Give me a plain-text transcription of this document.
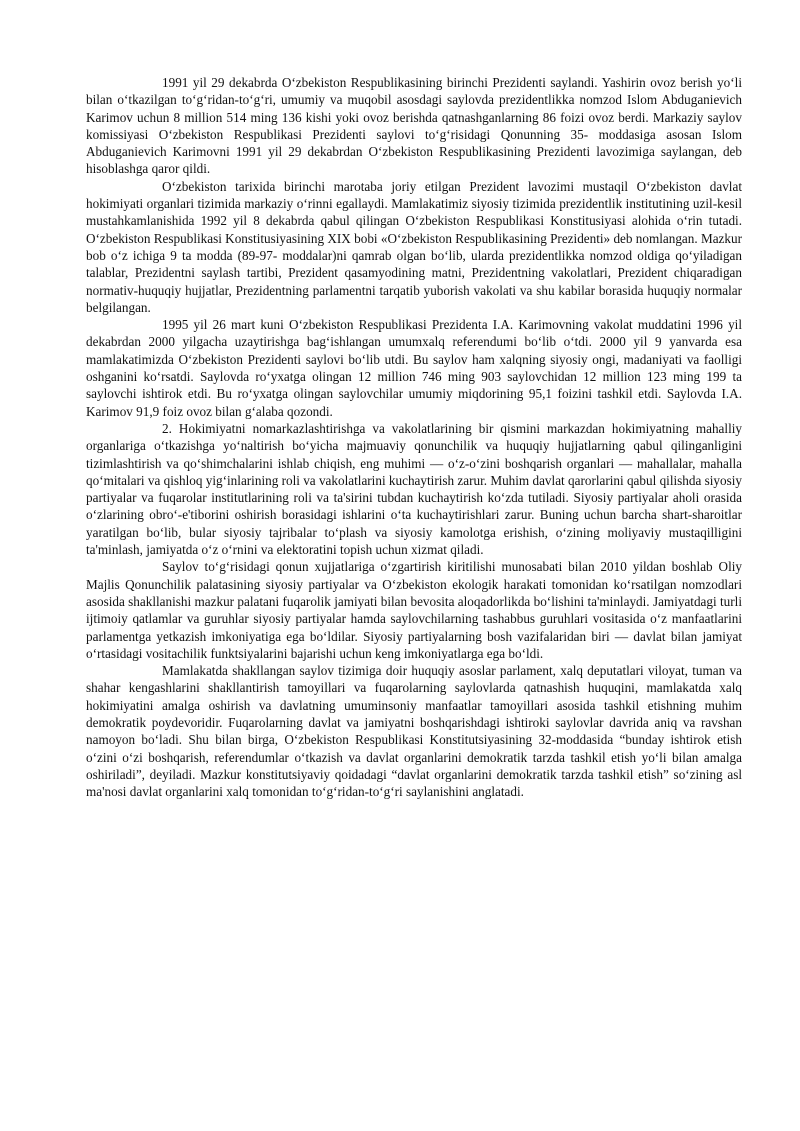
1991 yil 29 dekabrda O‘zbekiston Respublikasining birinchi Prezidenti saylandi. Yashirin ovoz berish yo‘li bilan o‘tkazilgan to‘g‘ridan-to‘g‘ri, umumiy va muqobil asosdagi saylovda prezidentlikka nomzod Islom Abduganievich Karimov uchun 8 million 514 ming 136 kishi yoki ovoz berishda qatnashganlarning 86 foizi ovoz berdi. Markaziy saylov komissiyasi O‘zbekiston Respublikasi Prezidenti saylovi to‘g‘risidagi Qonunning 35- moddasiga asosan Islom Abduganievich Karimovni 1991 yil 29 dekabrdan O‘zbekiston Respublikasining Prezidenti lavozimiga saylangan, deb hisoblashga qaror qildi.

O‘zbekiston tarixida birinchi marotaba joriy etilgan Prezident lavozimi mustaqil O‘zbekiston davlat hokimiyati organlari tizimida markaziy o‘rinni egallaydi. Mamlakatimiz siyosiy tizimida prezidentlik institutining uzil-kesil mustahkamlanishida 1992 yil 8 dekabrda qabul qilingan O‘zbekiston Respublikasi Konstitusiyasi alohida o‘rin tutadi. O‘zbekiston Respublikasi Konstitusiyasining XIX bobi «O‘zbekiston Respublikasining Prezidenti» deb nomlangan. Mazkur bob o‘z ichiga 9 ta modda (89-97- moddalar)ni qamrab olgan bo‘lib, ularda prezidentlikka nomzod oldiga qo‘yiladigan talablar, Prezidentni saylash tartibi, Prezident qasamyodining matni, Prezidentning vakolatlari, Prezident chiqaradigan normativ-huquqiy hujjatlar, Prezidentning parlamentni tarqatib yuborish vakolati va shu kabilar borasida huquqiy normalar belgilangan.

1995 yil 26 mart kuni O‘zbekiston Respublikasi Prezidenta I.A. Karimovning vakolat muddatini 1996 yil dekabrdan 2000 yilgacha uzaytirishga bag‘ishlangan umumxalq referendumi bo‘lib o‘tdi. 2000 yil 9 yanvarda esa mamlakatimizda O‘zbekiston Prezidenti saylovi bo‘lib utdi. Bu saylov ham xalqning siyosiy ongi, madaniyati va faolligi oshganini ko‘rsatdi. Saylovda ro‘yxatga olingan 12 million 746 ming 903 saylovchidan 12 million 123 ming 199 ta saylovchi ishtirok etdi. Bu ro‘yxatga olingan saylovchilar umumiy miqdorining 95,1 foizini tashkil etdi. Saylovda I.A. Karimov 91,9 foiz ovoz bilan g‘alaba qozondi.

2. Hokimiyatni nomarkazlashtirishga va vakolatlarining bir qismini markazdan hokimiyatning mahalliy organlariga o‘tkazishga yo‘naltirish bo‘yicha majmuaviy qonunchilik va huquqiy hujjatlarning qabul qilinganligini tizimlashtirish va qo‘shimchalarini ishlab chiqish, eng muhimi — o‘z-o‘zini boshqarish organlari — mahallalar, mahalla qo‘mitalari va qishloq yig‘inlarining roli va vakolatlarini kuchaytirish zarur. Muhim davlat qarorlarini qabul qilishda siyosiy partiyalar va fuqarolar institutlarining roli va ta'sirini tubdan kuchaytirish ko‘zda tutiladi. Siyosiy partiyalar aholi orasida o‘zlarining obro‘-e'tiborini oshirish borasidagi ishlarini o‘ta kuchaytirishlari zarur. Buning uchun barcha shart-sharoitlar yaratilgan bo‘lib, bular siyosiy tajribalar to‘plash va siyosiy kamolotga erishish, o‘zining moliyaviy mustaqilligini ta'minlash, jamiyatda o‘z o‘rnini va elektoratini topish uchun xizmat qiladi.

Saylov to‘g‘risidagi qonun xujjatlariga o‘zgartirish kiritilishi munosabati bilan 2010 yildan boshlab Oliy Majlis Qonunchilik palatasining siyosiy partiyalar va O‘zbekiston ekologik harakati tomonidan ko‘rsatilgan nomzodlari asosida shakllanishi mazkur palatani fuqarolik jamiyati bilan bevosita aloqadorlikda bo‘lishini ta'minlaydi. Jamiyatdagi turli ijtimoiy qatlamlar va guruhlar siyosiy partiyalar hamda saylovchilarning tashabbus guruhlari vositasida o‘z manfaatlarini parlamentga yetkazish imkoniyatiga ega bo‘ldilar. Siyosiy partiyalarning bosh vazifalaridan biri — davlat bilan jamiyat o‘rtasidagi vositachilik funktsiyalarini bajarishi uchun keng imkoniyatlarga ega bo‘ldi.

Mamlakatda shakllangan saylov tizimiga doir huquqiy asoslar parlament, xalq deputatlari viloyat, tuman va shahar kengashlarini shakllantirish tamoyillari va fuqarolarning saylovlarda qatnashish huquqini, mamlakatda xalq hokimiyatini amalga oshirish va davlatning umuminsoniy manfaatlar tamoyillari asosida tashkil etishning muhim demokratik poydevoridir. Fuqarolarning davlat va jamiyatni boshqarishdagi ishtiroki saylovlar davrida aniq va ravshan namoyon bo‘ladi. Shu bilan birga, O‘zbekiston Respublikasi Konstitutsiyasining 32-moddasida “bunday ishtirok etish o‘zini o‘zi boshqarish, referendumlar o‘tkazish va davlat organlarini demokratik tarzda tashkil etish yo‘li bilan amalga oshiriladi”, deyiladi. Mazkur konstitutsiyaviy qoidadagi “davlat organlarini demokratik tarzda tashkil etish” so‘zining asl ma'nosi davlat organlarini xalq tomonidan to‘g‘ridan-to‘g‘ri saylanishini anglatadi.
